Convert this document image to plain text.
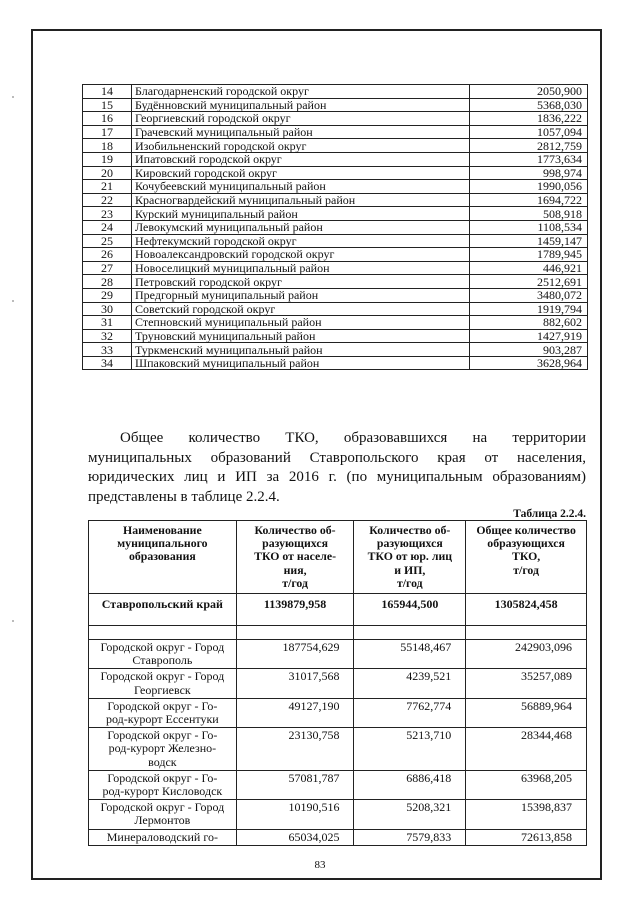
14	Благодарненский городской округ	2050,900
15	Будённовский муниципальный район	5368,030
16	Георгиевский городской округ	1836,222
17	Грачевский муниципальный район	1057,094
18	Изобильненский городской округ	2812,759
19	Ипатовский городской округ	1773,634
20	Кировский городской округ	998,974
21	Кочубеевский муниципальный район	1990,056
22	Красногвардейский муниципальный район	1694,722
23	Курский муниципальный район	508,918
24	Левокумский муниципальный район	1108,534
25	Нефтекумский городской округ	1459,147
26	Новоалександровский городской округ	1789,945
27	Новоселицкий муниципальный район	446,921
28	Петровский городской округ	2512,691
29	Предгорный муниципальный район	3480,072
30	Советский городской округ	1919,794
31	Степновский муниципальный район	882,602
32	Труновский муниципальный район	1427,919
33	Туркменский муниципальный район	903,287
34	Шпаковский муниципальный район	3628,964
Общее количество ТКО, образовавшихся на территории муниципальных образований Ставропольского края от населения, юридических лиц и ИП за 2016 г. (по муниципальным образованиям) представлены в таблице 2.2.4.
Таблица 2.2.4.
Наименование
муниципального
образования	Количество об-
разующихся
ТКО от населе-
ния,
т/год	Количество об-
разующихся
ТКО от юр. лиц
и ИП,
т/год	Общее количество
образующихся
ТКО,
т/год

Ставропольский край	1139879,958	165944,500	1305824,458

Городской округ - Город
Ставрополь	187754,629	55148,467	242903,096

Городской округ - Город
Георгиевск	31017,568	4239,521	35257,089

Городской округ - Го-
род-курорт Ессентуки	49127,190	7762,774	56889,964

Городской округ - Го-
род-курорт Железно-
водск	23130,758	5213,710	28344,468

Городской округ - Го-
род-курорт Кисловодск	57081,787	6886,418	63968,205

Городской округ - Город
Лермонтов	10190,516	5208,321	15398,837

Минераловодский го-	65034,025	7579,833	72613,858
83
